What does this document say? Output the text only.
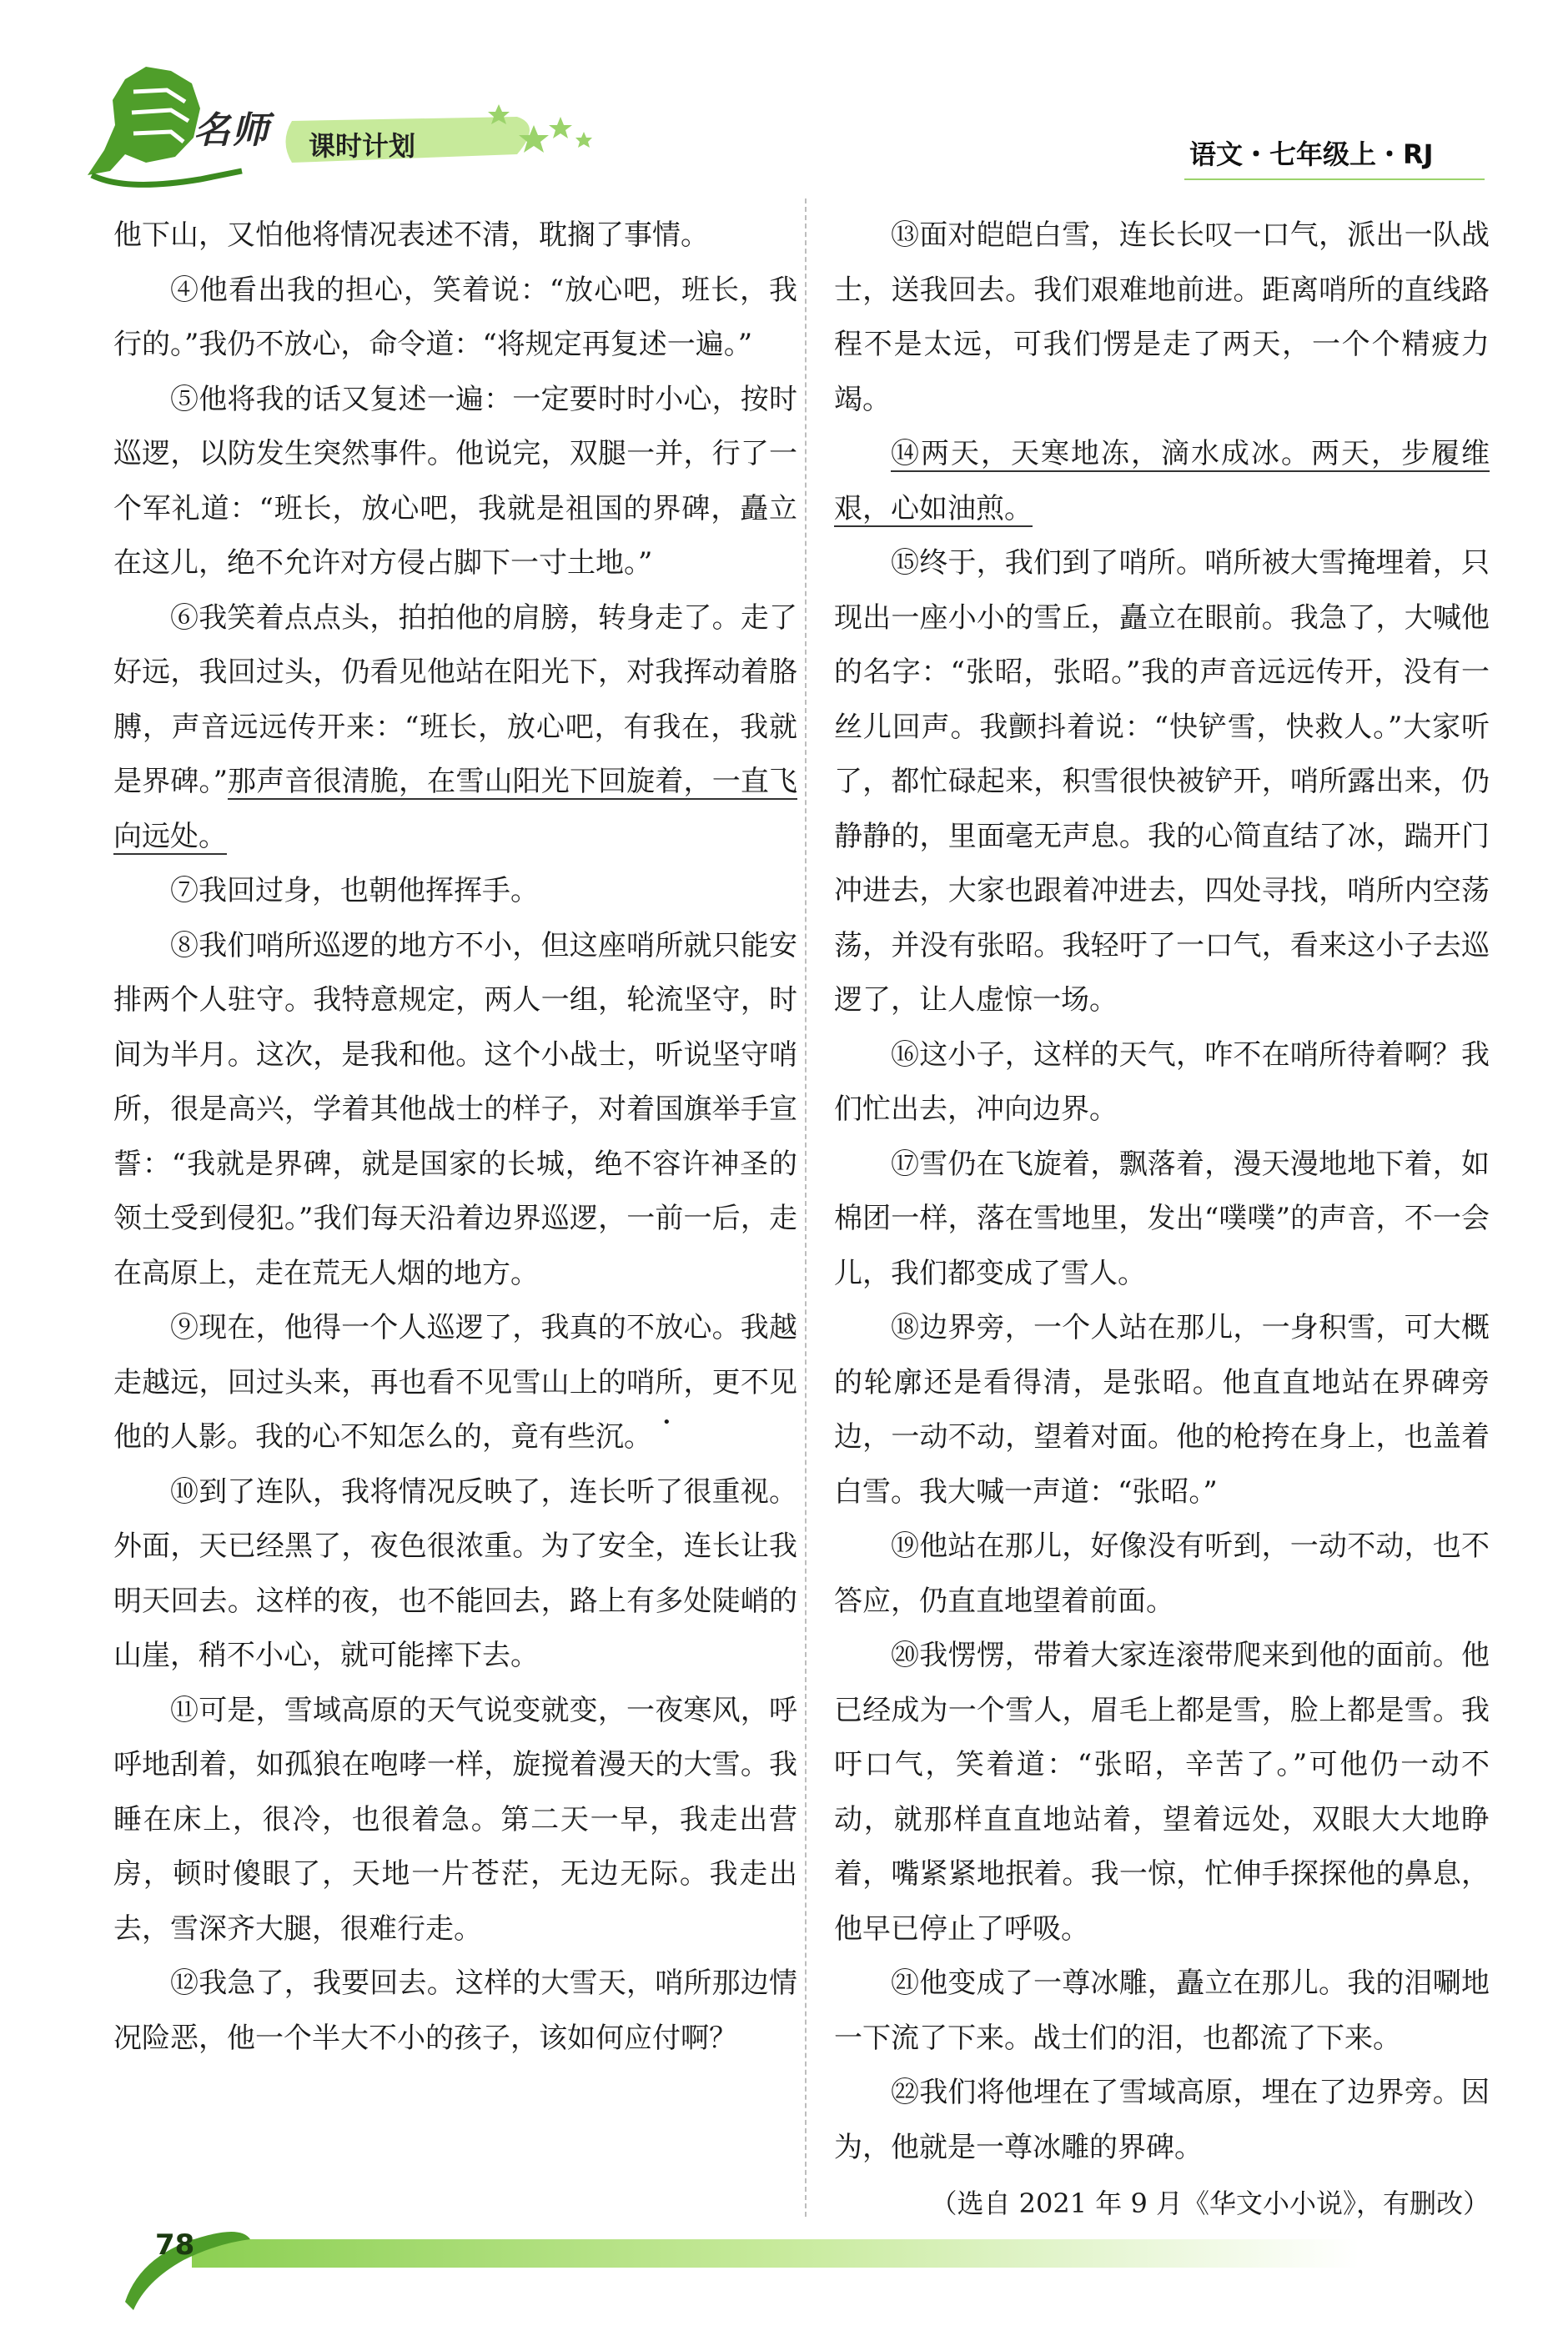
名师 课时计划	语文・七年级上・RJ

他下山，又怕他将情况表述不清，耽搁了事情。

④他看出我的担心，笑着说：“放心吧，班长，我行的。”我仍不放心，命令道：“将规定再复述一遍。”

⑤他将我的话又复述一遍：一定要时时小心，按时巡逻，以防发生突然事件。他说完，双腿一并，行了一个军礼道：“班长，放心吧，我就是祖国的界碑，矗立在这儿，绝不允许对方侵占脚下一寸土地。”

⑥我笑着点点头，拍拍他的肩膀，转身走了。走了好远，我回过头，仍看见他站在阳光下，对我挥动着胳膊，声音远远传开来：“班长，放心吧，有我在，我就是界碑。”那声音很清脆，在雪山阳光下回旋着，一直飞向远处。

⑦我回过身，也朝他挥挥手。

⑧我们哨所巡逻的地方不小，但这座哨所就只能安排两个人驻守。我特意规定，两人一组，轮流坚守，时间为半月。这次，是我和他。这个小战士，听说坚守哨所，很是高兴，学着其他战士的样子，对着国旗举手宣誓：“我就是界碑，就是国家的长城，绝不容许神圣的领土受到侵犯。”我们每天沿着边界巡逻，一前一后，走在高原上，走在荒无人烟的地方。

⑨现在，他得一个人巡逻了，我真的不放心。我越走越远，回过头来，再也看不见雪山上的哨所，更不见他的人影。我的心不知怎么的，竟有些沉 •。

⑩到了连队，我将情况反映了，连长听了很重视。外面，天已经黑了，夜色很浓重。为了安全，连长让我明天回去。这样的夜，也不能回去，路上有多处陡峭的山崖，稍不小心，就可能摔下去。

⑪可是，雪域高原的天气说变就变，一夜寒风，呼呼地刮着，如孤狼在咆哮一样，旋搅着漫天的大雪。我睡在床上，很冷，也很着急。第二天一早，我走出营房，顿时傻眼了，天地一片苍茫，无边无际。我走出去，雪深齐大腿，很难行走。

⑫我急了，我要回去。这样的大雪天，哨所那边情况险恶，他一个半大不小的孩子，该如何应付啊？

⑬面对皑皑白雪，连长长叹一口气，派出一队战士，送我回去。我们艰难地前进。距离哨所的直线路程不是太远，可我们愣是走了两天，一个个精疲力竭。

⑭两天，天寒地冻，滴水成冰。两天，步履维艰，心如油煎。

⑮终于，我们到了哨所。哨所被大雪掩埋着，只现出一座小小的雪丘，矗立在眼前。我急了，大喊他的名字：“张昭，张昭。”我的声音远远传开，没有一丝儿回声。我颤抖着说：“快铲雪，快救人。”大家听了，都忙碌起来，积雪很快被铲开，哨所露出来，仍静静的，里面毫无声息。我的心简直结了冰，踹开门冲进去，大家也跟着冲进去，四处寻找，哨所内空荡荡，并没有张昭。我轻吁了一口气，看来这小子去巡逻了，让人虚惊一场。

⑯这小子，这样的天气，咋不在哨所待着啊？我们忙出去，冲向边界。

⑰雪仍在飞旋着，飘落着，漫天漫地地下着，如棉团一样，落在雪地里，发出“噗噗”的声音，不一会儿，我们都变成了雪人。

⑱边界旁，一个人站在那儿，一身积雪，可大概的轮廓还是看得清，是张昭。他直直地站在界碑旁边，一动不动，望着对面。他的枪挎在身上，也盖着白雪。我大喊一声道：“张昭。”

⑲他站在那儿，好像没有听到，一动不动，也不答应，仍直直地望着前面。

⑳我愣愣，带着大家连滚带爬来到他的面前。他已经成为一个雪人，眉毛上都是雪，脸上都是雪。我吁口气，笑着道：“张昭，辛苦了。”可他仍一动不动，就那样直直地站着，望着远处，双眼大大地睁着，嘴紧紧地抿着。我一惊，忙伸手探探他的鼻息，他早已停止了呼吸。

㉑他变成了一尊冰雕，矗立在那儿。我的泪唰地一下流了下来。战士们的泪，也都流了下来。

㉒我们将他埋在了雪域高原，埋在了边界旁。因为，他就是一尊冰雕的界碑。

（选自 2021 年 9 月《华文小小说》，有删改）

78
